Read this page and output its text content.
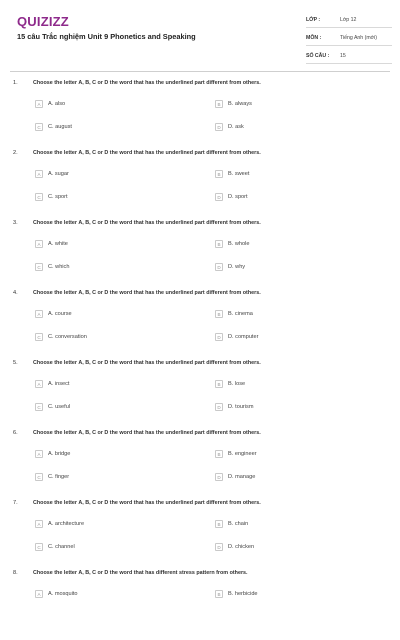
QUIZIZZ
15 câu Trắc nghiệm Unit 9 Phonetics and Speaking
LỚP :	Lớp 12
MÔN :	Tiếng Anh (mới)
SỐ CÂU :	15
1.	Choose the letter A, B, C or D the word that has the underlined part different from others.
A	A. also	B	B. always
C	C. august	D	D. ask
2.	Choose the letter A, B, C or D the word that has the underlined part different from others.
A	A. sugar	B	B. sweet
C	C. sport	D	D. sport
3.	Choose the letter A, B, C or D the word that has the underlined part different from others.
A	A. white	B	B. whole
C	C. which	D	D. why
4.	Choose the letter A, B, C or D the word that has the underlined part different from others.
A	A. course	B	B. cinema
C	C. conversation	D	D. computer
5.	Choose the letter A, B, C or D the word that has the underlined part different from others.
A	A. insect	B	B. lose
C	C. useful	D	D. tourism
6.	Choose the letter A, B, C or D the word that has the underlined part different from others.
A	A. bridge	B	B. engineer
C	C. finger	D	D. manage
7.	Choose the letter A, B, C or D the word that has the underlined part different from others.
A	A. architecture	B	B. chain
C	C. channel	D	D. chicken
8.	Choose the letter A, B, C or D the word that has different stress pattern from others.
A	A. mosquito	B	B. herbicide
